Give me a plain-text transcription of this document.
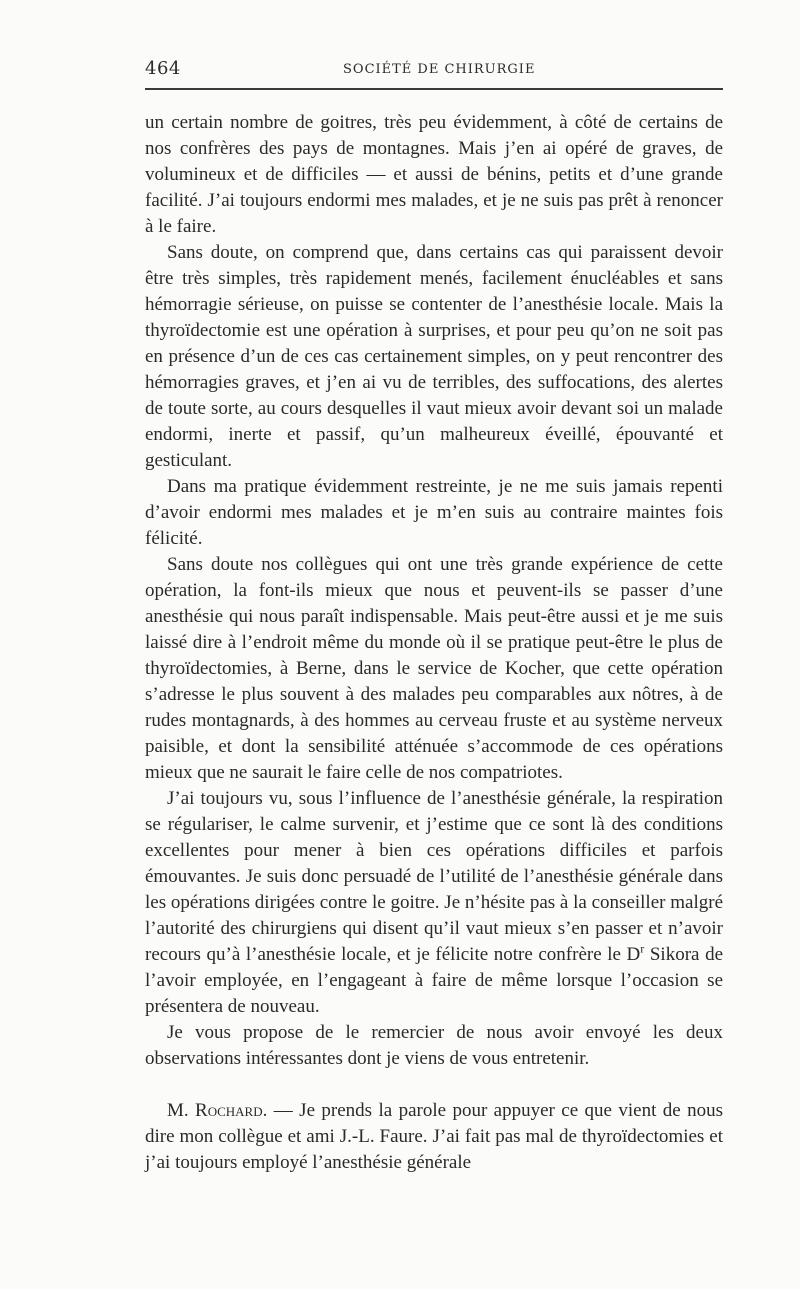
464	SOCIÉTÉ DE CHIRURGIE

un certain nombre de goitres, très peu évidemment, à côté de certains de nos confrères des pays de montagnes. Mais j’en ai opéré de graves, de volumineux et de difficiles — et aussi de bénins, petits et d’une grande facilité. J’ai toujours endormi mes malades, et je ne suis pas prêt à renoncer à le faire.

Sans doute, on comprend que, dans certains cas qui paraissent devoir être très simples, très rapidement menés, facilement énucléables et sans hémorragie sérieuse, on puisse se contenter de l’anesthésie locale. Mais la thyroïdectomie est une opération à surprises, et pour peu qu’on ne soit pas en présence d’un de ces cas certainement simples, on y peut rencontrer des hémorragies graves, et j’en ai vu de terribles, des suffocations, des alertes de toute sorte, au cours desquelles il vaut mieux avoir devant soi un malade endormi, inerte et passif, qu’un malheureux éveillé, épouvanté et gesticulant.

Dans ma pratique évidemment restreinte, je ne me suis jamais repenti d’avoir endormi mes malades et je m’en suis au contraire maintes fois félicité.

Sans doute nos collègues qui ont une très grande expérience de cette opération, la font-ils mieux que nous et peuvent-ils se passer d’une anesthésie qui nous paraît indispensable. Mais peut-être aussi et je me suis laissé dire à l’endroit même du monde où il se pratique peut-être le plus de thyroïdectomies, à Berne, dans le service de Kocher, que cette opération s’adresse le plus souvent à des malades peu comparables aux nôtres, à de rudes montagnards, à des hommes au cerveau fruste et au système nerveux paisible, et dont la sensibilité atténuée s’accommode de ces opérations mieux que ne saurait le faire celle de nos compatriotes.

J’ai toujours vu, sous l’influence de l’anesthésie générale, la respiration se régulariser, le calme survenir, et j’estime que ce sont là des conditions excellentes pour mener à bien ces opérations difficiles et parfois émouvantes. Je suis donc persuadé de l’utilité de l’anesthésie générale dans les opérations dirigées contre le goitre. Je n’hésite pas à la conseiller malgré l’autorité des chirurgiens qui disent qu’il vaut mieux s’en passer et n’avoir recours qu’à l’anesthésie locale, et je félicite notre confrère le $D^r$ Sikora de l’avoir employée, en l’engageant à faire de même lorsque l’occasion se présentera de nouveau.

Je vous propose de le remercier de nous avoir envoyé les deux observations intéressantes dont je viens de vous entretenir.

M. Rochard. — Je prends la parole pour appuyer ce que vient de nous dire mon collègue et ami J.-L. Faure. J’ai fait pas mal de thyroïdectomies et j’ai toujours employé l’anesthésie générale
